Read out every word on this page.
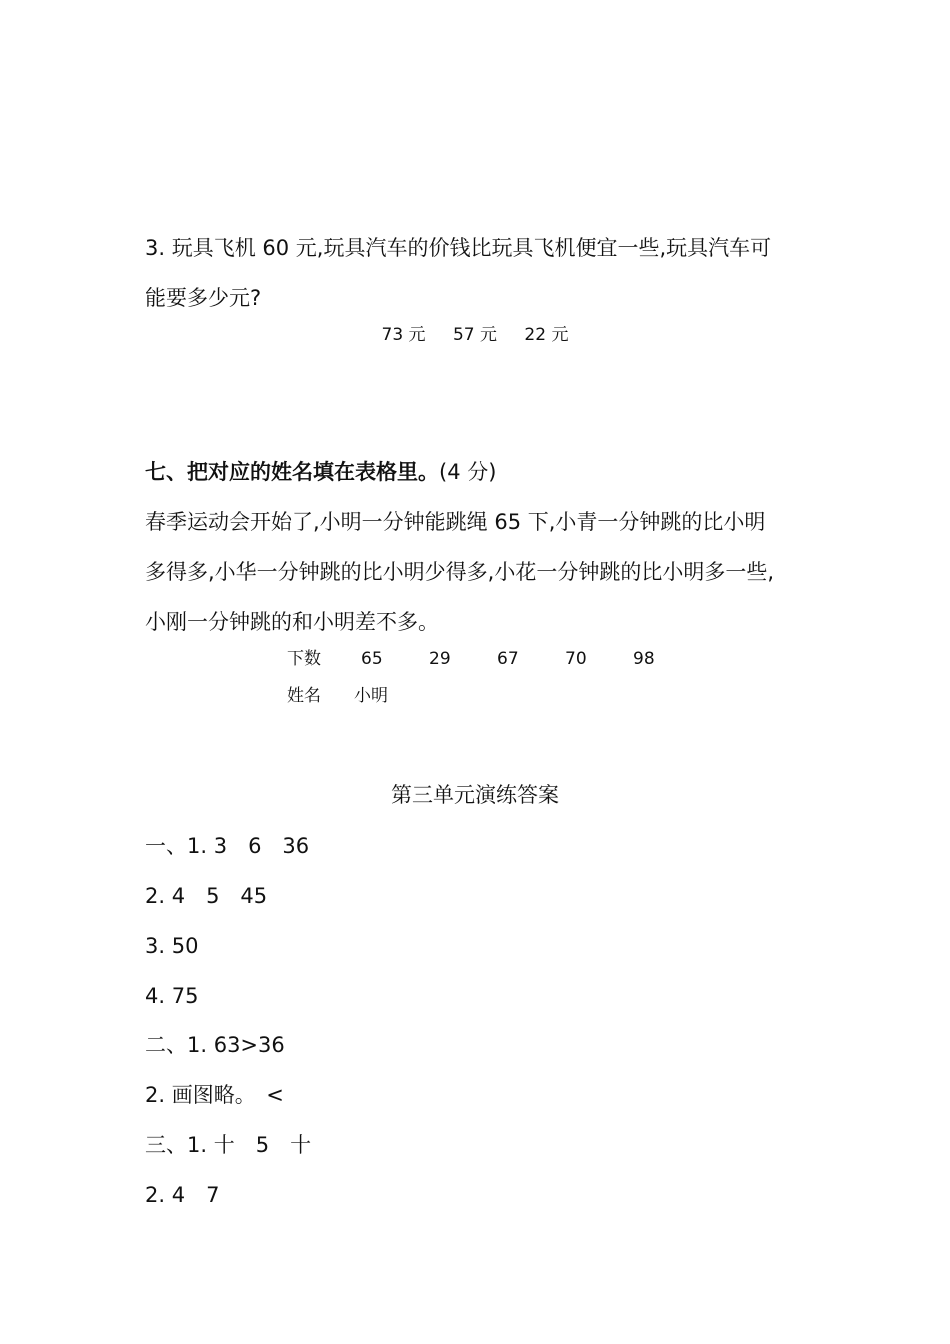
3. 玩具飞机 60 元,玩具汽车的价钱比玩具飞机便宜一些,玩具汽车可
能要多少元?
73 元 57 元 22 元
七、把对应的姓名填在表格里。(4 分)
春季运动会开始了,小明一分钟能跳绳 65 下,小青一分钟跳的比小明
多得多,小华一分钟跳的比小明少得多,小花一分钟跳的比小明多一些,
小刚一分钟跳的和小明差不多。
下数 65	29	67	70	98
姓名 小明
第三单元演练答案
一、1. 3　6　36
2. 4　5　45
3. 50
4. 75
二、1. 63>36
2. 画图略。　<
三、1. 十　5　十
2. 4　7
